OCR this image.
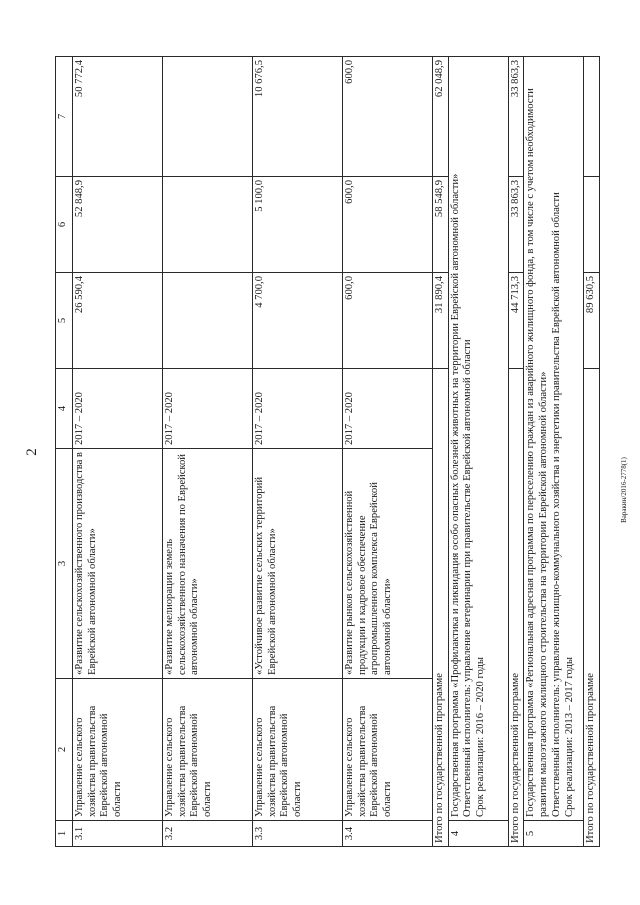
2
Варакин/2016-2778(1)
1	2	3	4	5	6	7
3.1	Управление сельского хозяйства правительства Еврейской автономной области	«Развитие сельскохозяйственного производства в Еврейской автономной области»	2017 – 2020	26 590,4	52 848,9	50 772,4
3.2	Управление сельского хозяйства правительства Еврейской автономной области	«Развитие мелиорации земель сельскохозяйственного назначения по Еврейской автономной области»	2017 – 2020			
3.3	Управление сельского хозяйства правительства Еврейской автономной области	«Устойчивое развитие сельских территорий Еврейской автономной области»	2017 – 2020	4 700,0	5 100,0	10 676,5
3.4	Управление сельского хозяйства правительства Еврейской автономной области	«Развитие рынков сельскохозяйственной продукции и кадровое обеспечение агропромышленного комплекса Еврейской автономной области»	2017 – 2020	600,0	600,0	600,0
Итого по государственной программе				31 890,4	58 548,9	62 048,9
4	Государственная программа «Профилактика и ликвидация особо опасных болезней животных на территории Еврейской автономной области» Ответственный исполнитель: управление ветеринарии при правительстве Еврейской автономной области Срок реализации: 2016 – 2020 годы					

Итого по государственной программе				44 713,3	33 863,3	33 863,3
5	Государственная программа «Региональная адресная программа по переселению граждан из аварийного жилищного фонда, в том числе с учетом необходимости развития малоэтажного жилищного строительства на территории Еврейской автономной области» Ответственный исполнитель: управление жилищно-коммунального хозяйства и энергетики правительства Еврейской автономной области Срок реализации: 2013 – 2017 годы					

Итого по государственной программе				89 630,5		
